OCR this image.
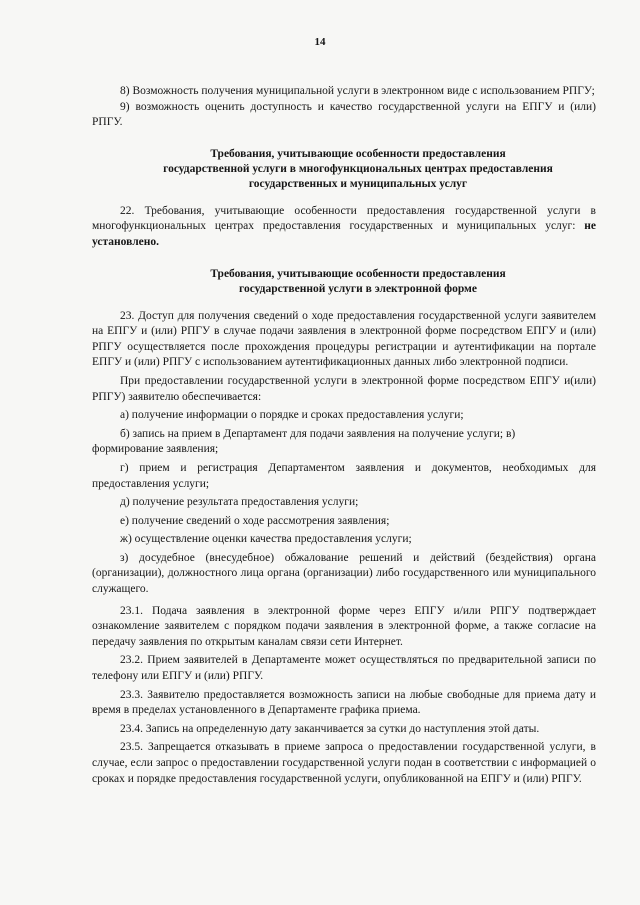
14

8) Возможность получения муниципальной услуги в электронном виде с использованием РПГУ;

9) возможность оценить доступность и качество государственной услуги на ЕПГУ и (или) РПГУ.

Требования, учитывающие особенности предоставления

государственной услуги в многофункциональных центрах предоставления

государственных и муниципальных услуг

22. Требования, учитывающие особенности предоставления государственной услуги в многофункциональных центрах предоставления государственных и муниципальных услуг: не установлено.

Требования, учитывающие особенности предоставления

государственной услуги в электронной форме

23. Доступ для получения сведений о ходе предоставления государственной услуги заявителем на ЕПГУ и (или) РПГУ в случае подачи заявления в электронной форме посредством ЕПГУ и (или) РПГУ осуществляется после прохождения процедуры регистрации и аутентификации на портале ЕПГУ и (или) РПГУ с использованием аутентификационных данных либо электронной подписи.

При предоставлении государственной услуги в электронной форме посредством ЕПГУ и(или) РПГУ) заявителю обеспечивается:

а) получение информации о порядке и сроках предоставления услуги;

б) запись на прием в Департамент для подачи заявления на получение услуги; в)
формирование заявления;

г) прием и регистрация Департаментом заявления и документов, необходимых для предоставления услуги;

д) получение результата предоставления услуги;

е) получение сведений о ходе рассмотрения заявления;

ж) осуществление оценки качества предоставления услуги;

з) досудебное (внесудебное) обжалование решений и действий (бездействия) органа (организации), должностного лица органа (организации) либо государственного или муниципального служащего.

23.1. Подача заявления в электронной форме через ЕПГУ и/или РПГУ подтверждает ознакомление заявителем с порядком подачи заявления в электронной форме, а также согласие на передачу заявления по открытым каналам связи сети Интернет.

23.2. Прием заявителей в Департаменте может осуществляться по предварительной записи по телефону или ЕПГУ и (или) РПГУ.

23.3. Заявителю предоставляется возможность записи на любые свободные для приема дату и время в пределах установленного в Департаменте графика приема.

23.4. Запись на определенную дату заканчивается за сутки до наступления этой даты.

23.5. Запрещается отказывать в приеме запроса о предоставлении государственной услуги, в случае, если запрос о предоставлении государственной услуги подан в соответствии с информацией о сроках и порядке предоставления государственной услуги, опубликованной на ЕПГУ и (или) РПГУ.
